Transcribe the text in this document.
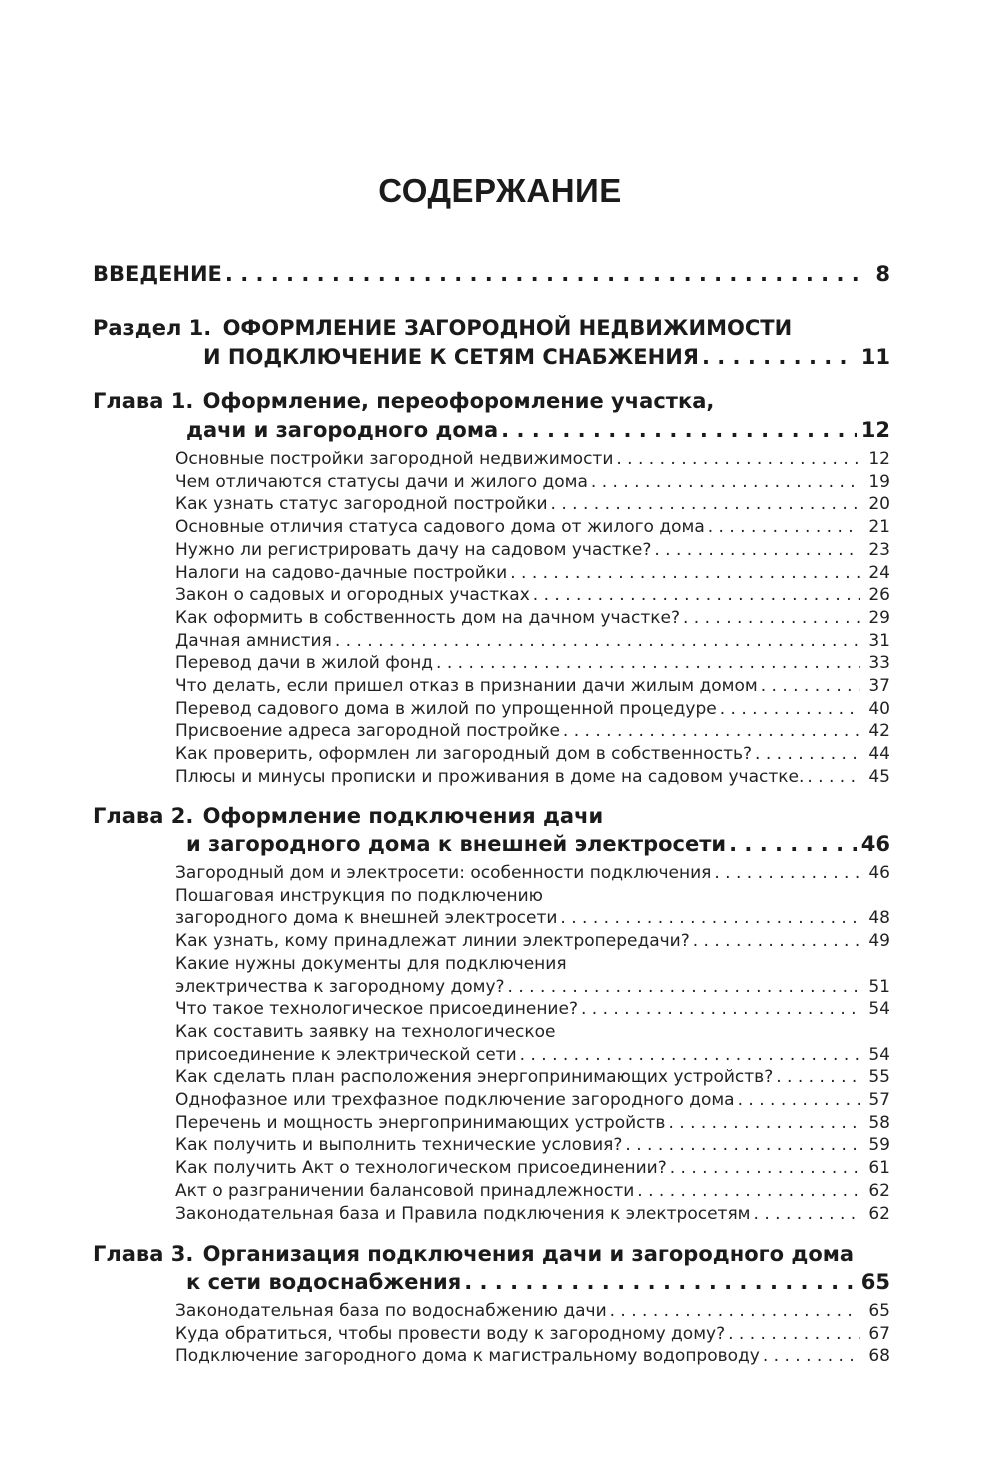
СОДЕРЖАНИЕ
ВВЕДЕНИЕ . . .	8
Раздел 1. ОФОРМЛЕНИЕ ЗАГОРОДНОЙ НЕДВИЖИМОСТИ
И ПОДКЛЮЧЕНИЕ К СЕТЯМ СНАБЖЕНИЯ . . .	11
Глава 1. Оформление, переофоромление участка,
дачи и загородного дома . . .	12
Основные постройки загородной недвижимости . . .	12
Чем отличаются статусы дачи и жилого дома . . .	19
Как узнать статус загородной постройки . . .	20
Основные отличия статуса садового дома от жилого дома . . .	21
Нужно ли регистрировать дачу на садовом участке? . . .	23
Налоги на садово-дачные постройки . . .	24
Закон о садовых и огородных участках . . .	26
Как оформить в собственность дом на дачном участке? . . .	29
Дачная амнистия . . .	31
Перевод дачи в жилой фонд . . .	33
Что делать, если пришел отказ в признании дачи жилым домом . . .	37
Перевод садового дома в жилой по упрощенной процедуре . . .	40
Присвоение адреса загородной постройке . . .	42
Как проверить, оформлен ли загородный дом в собственность? . . .	44
Плюсы и минусы прописки и проживания в доме на садовом участке. . . .	45
Глава 2. Оформление подключения дачи
и загородного дома к внешней электросети . . .	46
Загородный дом и электросети: особенности подключения . . .	46
Пошаговая инструкция по подключению
загородного дома к внешней электросети . . .	48
Как узнать, кому принадлежат линии электропередачи? . . .	49
Какие нужны документы для подключения
электричества к загородному дому? . . .	51
Что такое технологическое присоединение? . . .	54
Как составить заявку на технологическое
присоединение к электрической сети . . .	54
Как сделать план расположения энергопринимающих устройств? . . .	55
Однофазное или трехфазное подключение загородного дома . . .	57
Перечень и мощность энергопринимающих устройств . . .	58
Как получить и выполнить технические условия? . . .	59
Как получить Акт о технологическом присоединении? . . .	61
Акт о разграничении балансовой принадлежности . . .	62
Законодательная база и Правила подключения к электросетям . . .	62
Глава 3. Организация подключения дачи и загородного дома
к сети водоснабжения . . .	65
Законодательная база по водоснабжению дачи . . .	65
Куда обратиться, чтобы провести воду к загородному дому? . . .	67
Подключение загородного дома к магистральному водопроводу . . .	68
